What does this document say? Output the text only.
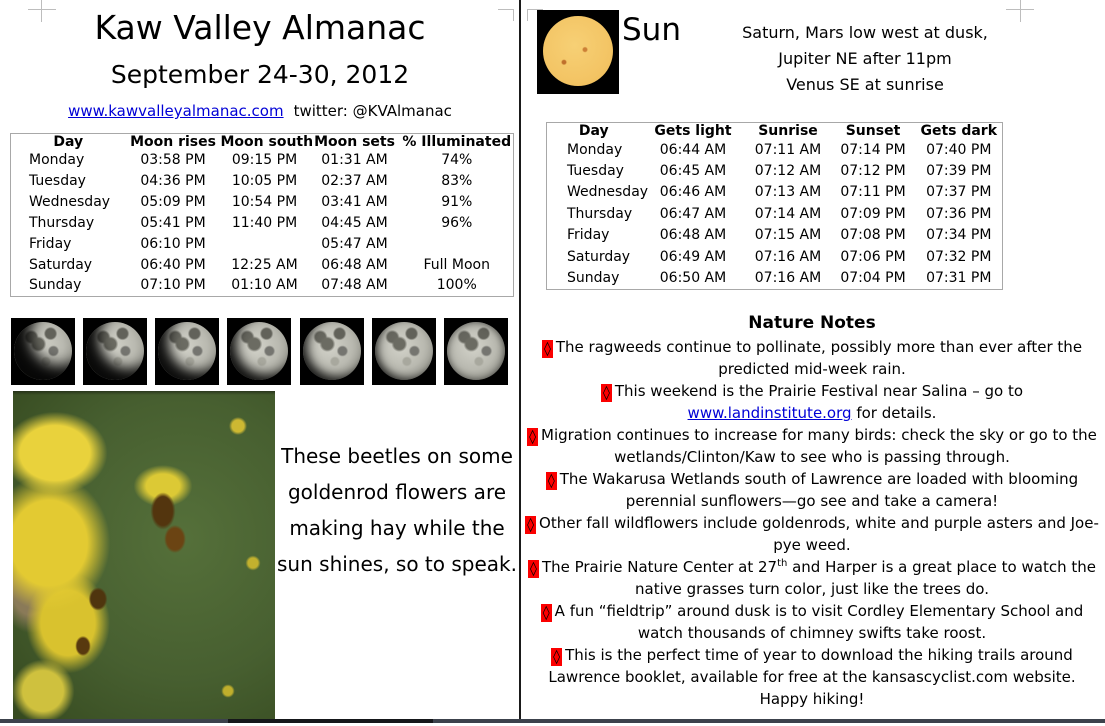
Kaw Valley Almanac
September 24-30, 2012
www.kawvalleyalmanac.com twitter: @KVAlmanac
Day	Moon rises	Moon south	Moon sets	% Illuminated
Monday	03:58 PM	09:15 PM	01:31 AM	74%
Tuesday	04:36 PM	10:05 PM	02:37 AM	83%
Wednesday	05:09 PM	10:54 PM	03:41 AM	91%
Thursday	05:41 PM	11:40 PM	04:45 AM	96%
Friday	06:10 PM		05:47 AM	
Saturday	06:40 PM	12:25 AM	06:48 AM	Full Moon
Sunday	07:10 PM	01:10 AM	07:48 AM	100%
These beetles on some goldenrod flowers are making hay while the sun shines, so to speak.
Sun	Saturn, Mars low west at dusk,
Jupiter NE after 11pm
Venus SE at sunrise
Day	Gets light	Sunrise	Sunset	Gets dark
Monday	06:44 AM	07:11 AM	07:14 PM	07:40 PM
Tuesday	06:45 AM	07:12 AM	07:12 PM	07:39 PM
Wednesday	06:46 AM	07:13 AM	07:11 PM	07:37 PM
Thursday	06:47 AM	07:14 AM	07:09 PM	07:36 PM
Friday	06:48 AM	07:15 AM	07:08 PM	07:34 PM
Saturday	06:49 AM	07:16 AM	07:06 PM	07:32 PM
Sunday	06:50 AM	07:16 AM	07:04 PM	07:31 PM
Nature Notes

◊ The ragweeds continue to pollinate, possibly more than ever after the predicted mid-week rain.

◊ This weekend is the Prairie Festival near Salina – go to www.landinstitute.org for details.

◊ Migration continues to increase for many birds: check the sky or go to the wetlands/Clinton/Kaw to see who is passing through.

◊ The Wakarusa Wetlands south of Lawrence are loaded with blooming perennial sunflowers—go see and take a camera!

◊ Other fall wildflowers include goldenrods, white and purple asters and Joe-pye weed.

◊ The Prairie Nature Center at 27th and Harper is a great place to watch the native grasses turn color, just like the trees do.

◊ A fun “fieldtrip” around dusk is to visit Cordley Elementary School and watch thousands of chimney swifts take roost.

◊ This is the perfect time of year to download the hiking trails around Lawrence booklet, available for free at the kansascyclist.com website. Happy hiking!
